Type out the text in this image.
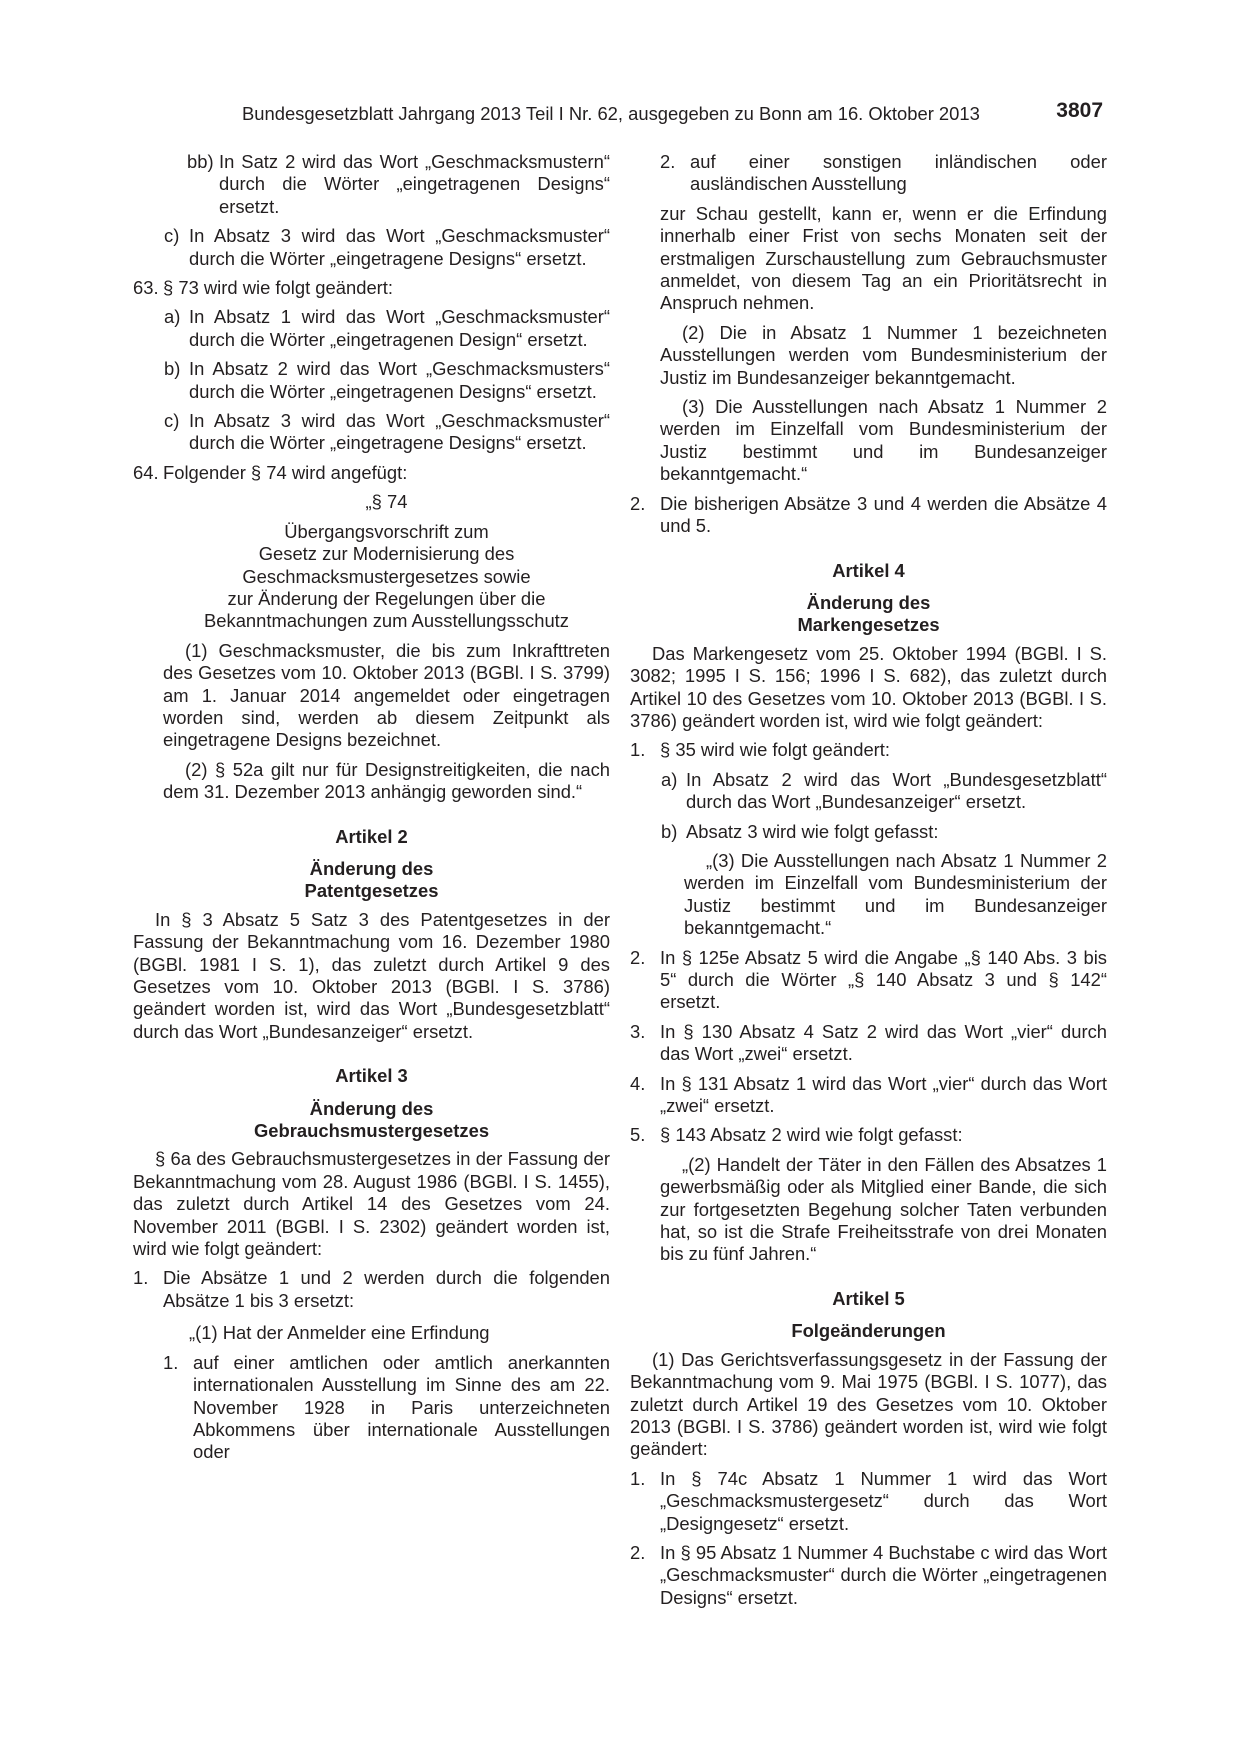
Bundesgesetzblatt Jahrgang 2013 Teil I Nr. 62, ausgegeben zu Bonn am 16. Oktober 2013	3807
bb) In Satz 2 wird das Wort „Geschmacksmustern“ durch die Wörter „eingetragenen Designs“ ersetzt.
c) In Absatz 3 wird das Wort „Geschmacksmuster“ durch die Wörter „eingetragene Designs“ ersetzt.
63. § 73 wird wie folgt geändert:
a) In Absatz 1 wird das Wort „Geschmacksmuster“ durch die Wörter „eingetragenen Design“ ersetzt.
b) In Absatz 2 wird das Wort „Geschmacksmusters“ durch die Wörter „eingetragenen Designs“ ersetzt.
c) In Absatz 3 wird das Wort „Geschmacksmuster“ durch die Wörter „eingetragene Designs“ ersetzt.
64. Folgender § 74 wird angefügt:
„§ 74
Übergangsvorschrift zum
Gesetz zur Modernisierung des
Geschmacksmustergesetzes sowie
zur Änderung der Regelungen über die
Bekanntmachungen zum Ausstellungsschutz

(1) Geschmacksmuster, die bis zum Inkrafttreten des Gesetzes vom 10. Oktober 2013 (BGBl. I S. 3799) am 1. Januar 2014 angemeldet oder eingetragen worden sind, werden ab diesem Zeitpunkt als eingetragene Designs bezeichnet.

(2) § 52a gilt nur für Designstreitigkeiten, die nach dem 31. Dezember 2013 anhängig geworden sind.“

Artikel 2

Änderung des

Patentgesetzes

In § 3 Absatz 5 Satz 3 des Patentgesetzes in der Fassung der Bekanntmachung vom 16. Dezember 1980 (BGBl. 1981 I S. 1), das zuletzt durch Artikel 9 des Gesetzes vom 10. Oktober 2013 (BGBl. I S. 3786) geändert worden ist, wird das Wort „Bundesgesetzblatt“ durch das Wort „Bundesanzeiger“ ersetzt.

Artikel 3

Änderung des

Gebrauchsmustergesetzes

§ 6a des Gebrauchsmustergesetzes in der Fassung der Bekanntmachung vom 28. August 1986 (BGBl. I S. 1455), das zuletzt durch Artikel 14 des Gesetzes vom 24. November 2011 (BGBl. I S. 2302) geändert worden ist, wird wie folgt geändert:

1. Die Absätze 1 und 2 werden durch die folgenden Absätze 1 bis 3 ersetzt:

„(1) Hat der Anmelder eine Erfindung

1. auf einer amtlichen oder amtlich anerkannten internationalen Ausstellung im Sinne des am 22. November 1928 in Paris unterzeichneten Abkommens über internationale Ausstellungen oder
2. auf einer sonstigen inländischen oder ausländischen Ausstellung

zur Schau gestellt, kann er, wenn er die Erfindung innerhalb einer Frist von sechs Monaten seit der erstmaligen Zurschaustellung zum Gebrauchsmuster anmeldet, von diesem Tag an ein Prioritätsrecht in Anspruch nehmen.

(2) Die in Absatz 1 Nummer 1 bezeichneten Ausstellungen werden vom Bundesministerium der Justiz im Bundesanzeiger bekanntgemacht.

(3) Die Ausstellungen nach Absatz 1 Nummer 2 werden im Einzelfall vom Bundesministerium der Justiz bestimmt und im Bundesanzeiger bekanntgemacht.“

2. Die bisherigen Absätze 3 und 4 werden die Absätze 4 und 5.

Artikel 4

Änderung des

Markengesetzes

Das Markengesetz vom 25. Oktober 1994 (BGBl. I S. 3082; 1995 I S. 156; 1996 I S. 682), das zuletzt durch Artikel 10 des Gesetzes vom 10. Oktober 2013 (BGBl. I S. 3786) geändert worden ist, wird wie folgt geändert:

1. § 35 wird wie folgt geändert:
a) In Absatz 2 wird das Wort „Bundesgesetzblatt“ durch das Wort „Bundesanzeiger“ ersetzt.
b) Absatz 3 wird wie folgt gefasst:

„(3) Die Ausstellungen nach Absatz 1 Nummer 2 werden im Einzelfall vom Bundesministerium der Justiz bestimmt und im Bundesanzeiger bekanntgemacht.“

2. In § 125e Absatz 5 wird die Angabe „§ 140 Abs. 3 bis 5“ durch die Wörter „§ 140 Absatz 3 und § 142“ ersetzt.
3. In § 130 Absatz 4 Satz 2 wird das Wort „vier“ durch das Wort „zwei“ ersetzt.
4. In § 131 Absatz 1 wird das Wort „vier“ durch das Wort „zwei“ ersetzt.
5. § 143 Absatz 2 wird wie folgt gefasst:

„(2) Handelt der Täter in den Fällen des Absatzes 1 gewerbsmäßig oder als Mitglied einer Bande, die sich zur fortgesetzten Begehung solcher Taten verbunden hat, so ist die Strafe Freiheitsstrafe von drei Monaten bis zu fünf Jahren.“

Artikel 5

Folgeänderungen

(1) Das Gerichtsverfassungsgesetz in der Fassung der Bekanntmachung vom 9. Mai 1975 (BGBl. I S. 1077), das zuletzt durch Artikel 19 des Gesetzes vom 10. Oktober 2013 (BGBl. I S. 3786) geändert worden ist, wird wie folgt geändert:

1. In § 74c Absatz 1 Nummer 1 wird das Wort „Geschmacksmustergesetz“ durch das Wort „Designgesetz“ ersetzt.
2. In § 95 Absatz 1 Nummer 4 Buchstabe c wird das Wort „Geschmacksmuster“ durch die Wörter „eingetragenen Designs“ ersetzt.
